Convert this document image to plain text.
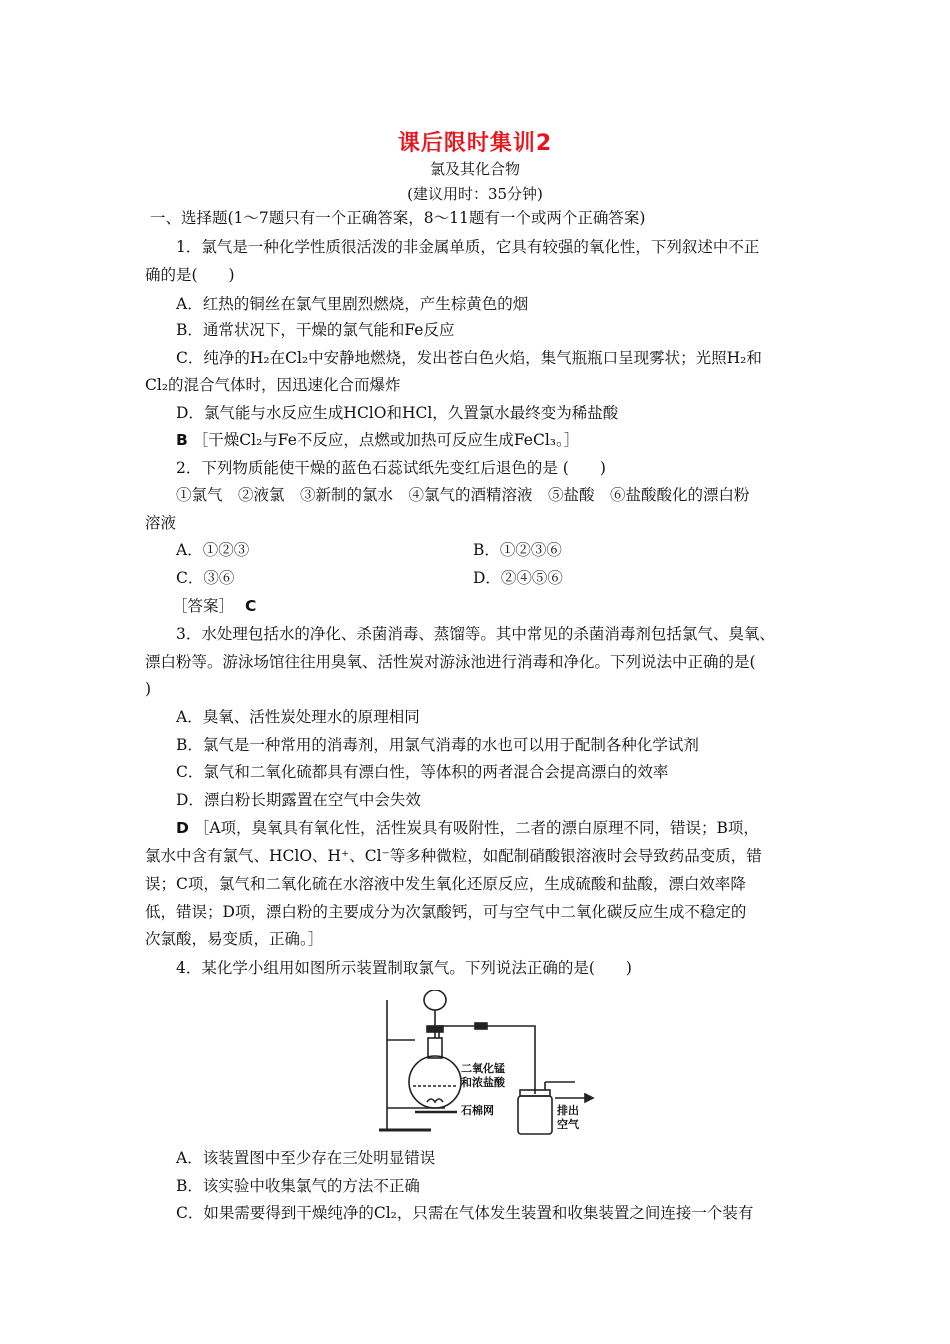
课后限时集训2
氯及其化合物
(建议用时：35分钟)
一、选择题(1～7题只有一个正确答案，8～11题有一个或两个正确答案)
1．氯气是一种化学性质很活泼的非金属单质，它具有较强的氧化性，下列叙述中不正
确的是(　　)
A．红热的铜丝在氯气里剧烈燃烧，产生棕黄色的烟
B．通常状况下，干燥的氯气能和Fe反应
C．纯净的H₂在Cl₂中安静地燃烧，发出苍白色火焰，集气瓶瓶口呈现雾状；光照H₂和
Cl₂的混合气体时，因迅速化合而爆炸
D．氯气能与水反应生成HClO和HCl，久置氯水最终变为稀盐酸
B ［干燥Cl₂与Fe不反应，点燃或加热可反应生成FeCl₃。］
2．下列物质能使干燥的蓝色石蕊试纸先变红后退色的是 (　　)
①氯气　②液氯　③新制的氯水　④氯气的酒精溶液　⑤盐酸　⑥盐酸酸化的漂白粉
溶液
A．①②③	B．①②③⑥
C．③⑥	D．②④⑤⑥
［答案］ C
3．水处理包括水的净化、杀菌消毒、蒸馏等。其中常见的杀菌消毒剂包括氯气、臭氧、
漂白粉等。游泳场馆往往用臭氧、活性炭对游泳池进行消毒和净化。下列说法中正确的是(
)
A．臭氧、活性炭处理水的原理相同
B．氯气是一种常用的消毒剂，用氯气消毒的水也可以用于配制各种化学试剂
C．氯气和二氧化硫都具有漂白性，等体积的两者混合会提高漂白的效率
D．漂白粉长期露置在空气中会失效
D ［A项，臭氧具有氧化性，活性炭具有吸附性，二者的漂白原理不同，错误；B项，
氯水中含有氯气、HClO、H⁺、Cl⁻等多种微粒，如配制硝酸银溶液时会导致药品变质，错
误；C项，氯气和二氧化硫在水溶液中发生氧化还原反应，生成硫酸和盐酸，漂白效率降
低，错误；D项，漂白粉的主要成分为次氯酸钙，可与空气中二氧化碳反应生成不稳定的
次氯酸，易变质，正确。］
4．某化学小组用如图所示装置制取氯气。下列说法正确的是(　　)
二氧化锰
和浓盐酸
石棉网	排出
空气
A．该装置图中至少存在三处明显错误
B．该实验中收集氯气的方法不正确
C．如果需要得到干燥纯净的Cl₂，只需在气体发生装置和收集装置之间连接一个装有
